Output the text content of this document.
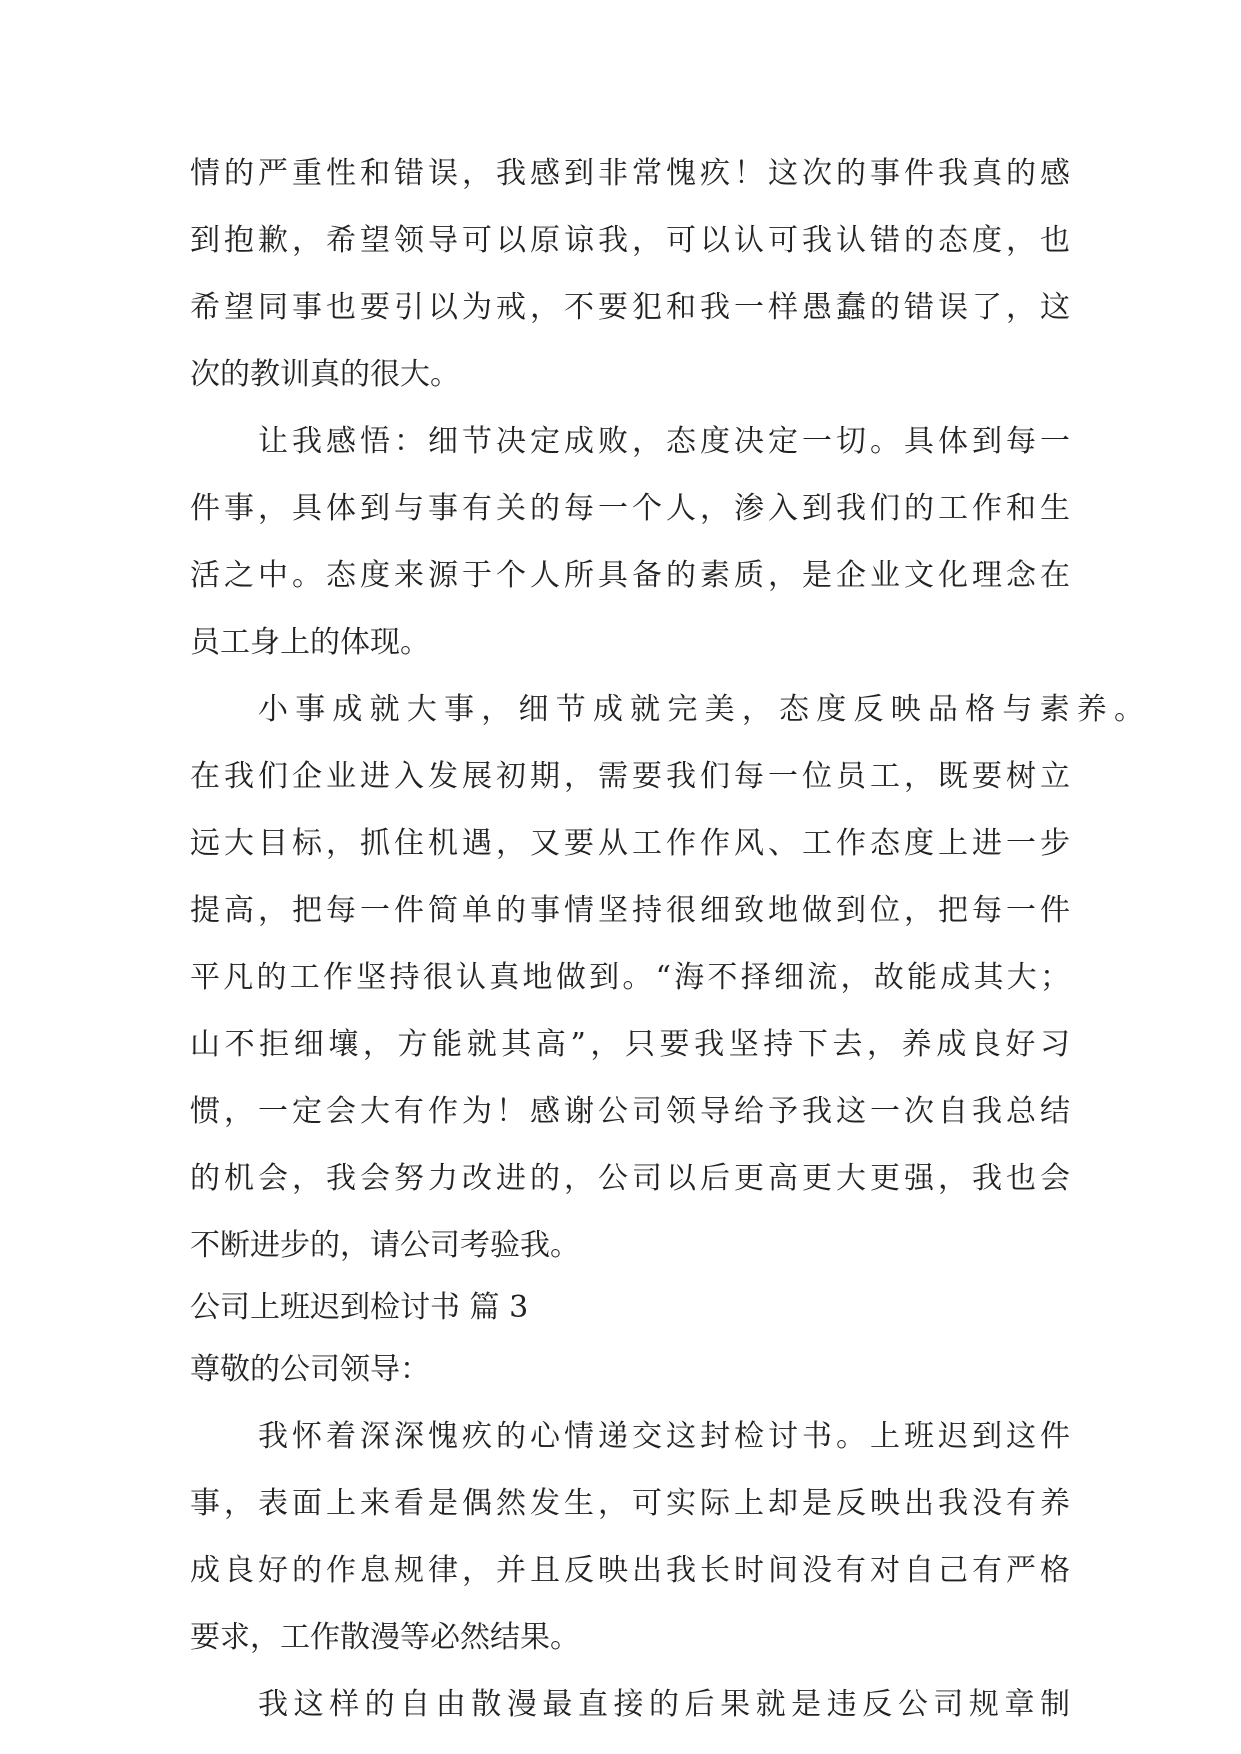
情的严重性和错误，我感到非常愧疚！这次的事件我真的感
到抱歉，希望领导可以原谅我，可以认可我认错的态度，也
希望同事也要引以为戒，不要犯和我一样愚蠢的错误了，这
次的教训真的很大。
让我感悟：细节决定成败，态度决定一切。具体到每一
件事，具体到与事有关的每一个人，渗入到我们的工作和生
活之中。态度来源于个人所具备的素质，是企业文化理念在
员工身上的体现。
小事成就大事，细节成就完美，态度反映品格与素养。
在我们企业进入发展初期，需要我们每一位员工，既要树立
远大目标，抓住机遇，又要从工作作风、工作态度上进一步
提高，把每一件简单的事情坚持很细致地做到位，把每一件
平凡的工作坚持很认真地做到。“海不择细流，故能成其大；
山不拒细壤，方能就其高”，只要我坚持下去，养成良好习
惯，一定会大有作为！感谢公司领导给予我这一次自我总结
的机会，我会努力改进的，公司以后更高更大更强，我也会
不断进步的，请公司考验我。
公司上班迟到检讨书 篇 3
尊敬的公司领导：
我怀着深深愧疚的心情递交这封检讨书。上班迟到这件
事，表面上来看是偶然发生，可实际上却是反映出我没有养
成良好的作息规律，并且反映出我长时间没有对自己有严格
要求，工作散漫等必然结果。
我这样的自由散漫最直接的后果就是违反公司规章制
